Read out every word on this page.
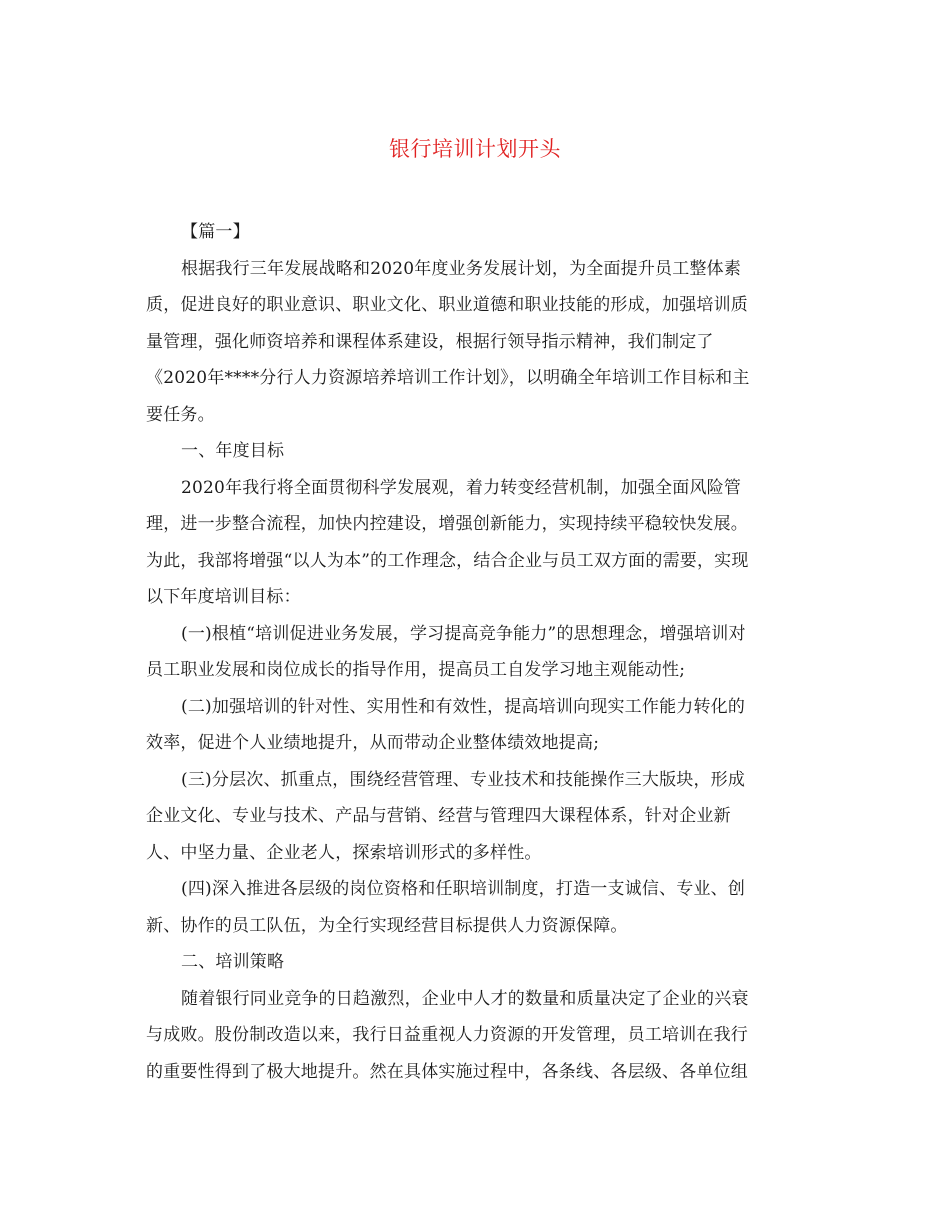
银行培训计划开头
【篇一】
根据我行三年发展战略和2020年度业务发展计划，为全面提升员工整体素
质，促进良好的职业意识、职业文化、职业道德和职业技能的形成，加强培训质
量管理，强化师资培养和课程体系建设，根据行领导指示精神，我们制定了
《2020年****分行人力资源培养培训工作计划》，以明确全年培训工作目标和主
要任务。
一、年度目标
2020年我行将全面贯彻科学发展观，着力转变经营机制，加强全面风险管
理，进一步整合流程，加快内控建设，增强创新能力，实现持续平稳较快发展。
为此，我部将增强“以人为本”的工作理念，结合企业与员工双方面的需要，实现
以下年度培训目标：
(一)根植“培训促进业务发展，学习提高竞争能力”的思想理念，增强培训对
员工职业发展和岗位成长的指导作用，提高员工自发学习地主观能动性;
(二)加强培训的针对性、实用性和有效性，提高培训向现实工作能力转化的
效率，促进个人业绩地提升，从而带动企业整体绩效地提高;
(三)分层次、抓重点，围绕经营管理、专业技术和技能操作三大版块，形成
企业文化、专业与技术、产品与营销、经营与管理四大课程体系，针对企业新
人、中坚力量、企业老人，探索培训形式的多样性。
(四)深入推进各层级的岗位资格和任职培训制度，打造一支诚信、专业、创
新、协作的员工队伍，为全行实现经营目标提供人力资源保障。
二、培训策略
随着银行同业竞争的日趋激烈，企业中人才的数量和质量决定了企业的兴衰
与成败。股份制改造以来，我行日益重视人力资源的开发管理，员工培训在我行
的重要性得到了极大地提升。然在具体实施过程中，各条线、各层级、各单位组
